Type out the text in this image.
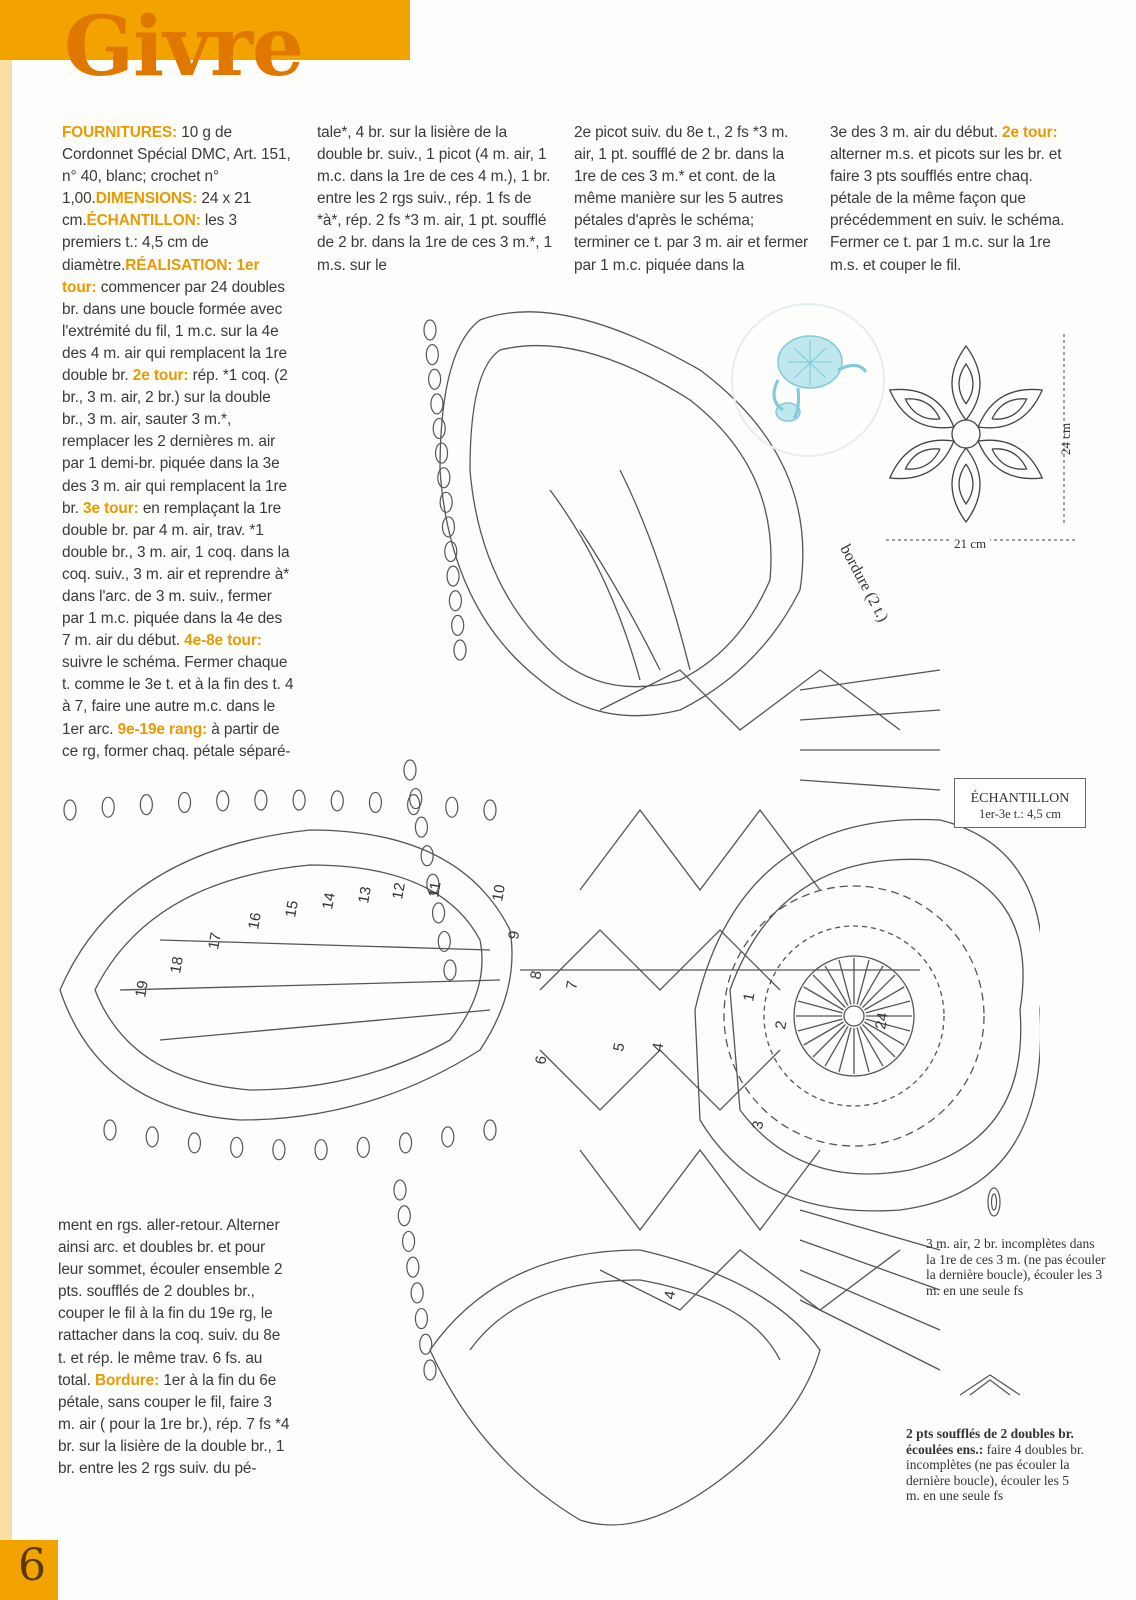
Givre

FOURNITURES: 10 g de Cordonnet Spécial DMC, Art. 151, n° 40, blanc; crochet n° 1,00.DIMENSIONS: 24 x 21 cm.ÉCHANTILLON: les 3 premiers t.: 4,5 cm de diamètre.RÉALISATION: 1er tour: commencer par 24 doubles br. dans une boucle formée avec l'extrémité du fil, 1 m.c. sur la 4e des 4 m. air qui remplacent la 1re double br. 2e tour: rép. *1 coq. (2 br., 3 m. air, 2 br.) sur la double br., 3 m. air, sauter 3 m.*, remplacer les 2 dernières m. air par 1 demi-br. piquée dans la 3e des 3 m. air qui remplacent la 1re br. 3e tour: en remplaçant la 1re double br. par 4 m. air, trav. *1 double br., 3 m. air, 1 coq. dans la coq. suiv., 3 m. air et reprendre à* dans l'arc. de 3 m. suiv., fermer par 1 m.c. piquée dans la 4e des 7 m. air du début. 4e-8e tour: suivre le schéma. Fermer chaque t. comme le 3e t. et à la fin des t. 4 à 7, faire une autre m.c. dans le 1er arc. 9e-19e rang: à partir de ce rg, former chaq. pétale séparé-

tale*, 4 br. sur la lisière de la double br. suiv., 1 picot (4 m. air, 1 m.c. dans la 1re de ces 4 m.), 1 br. entre les 2 rgs suiv., rép. 1 fs de *à*, rép. 2 fs *3 m. air, 1 pt. soufflé de 2 br. dans la 1re de ces 3 m.*, 1 m.s. sur le

2e picot suiv. du 8e t., 2 fs *3 m. air, 1 pt. soufflé de 2 br. dans la 1re de ces 3 m.* et cont. de la même manière sur les 5 autres pétales d'après le schéma; terminer ce t. par 3 m. air et fermer par 1 m.c. piquée dans la

3e des 3 m. air du début. 2e tour: alterner m.s. et picots sur les br. et faire 3 pts soufflés entre chaq. pétale de la même façon que précédemment en suiv. le schéma. Fermer ce t. par 1 m.c. sur la 1re m.s. et couper le fil.

ment en rgs. aller-retour. Alterner ainsi arc. et doubles br. et pour leur sommet, écouler ensemble 2 pts. soufflés de 2 doubles br., couper le fil à la fin du 19e rg, le rattacher dans la coq. suiv. du 8e t. et rép. le même trav. 6 fs. au total. Bordure: 1er à la fin du 6e pétale, sans couper le fil, faire 3 m. air ( pour la 1re br.), rép. 7 fs *4 br. sur la lisière de la double br., 1 br. entre les 2 rgs suiv. du pé-

19
18
17
16
15 14 13 12 11	10
9
8
7
6
5 4
3
2
1
24
4
bordure (2 t.)
24 cm
21 cm
ÉCHANTILLON
1er-3e t.: 4,5 cm
3 m. air, 2 br. incomplètes dans la 1re de ces 3 m. (ne pas écouler la dernière boucle), écouler les 3 m. en une seule fs
2 pts soufflés de 2 doubles br. écoulées ens.: faire 4 doubles br. incomplètes (ne pas écouler la dernière boucle), écouler les 5 m. en une seule fs
6
